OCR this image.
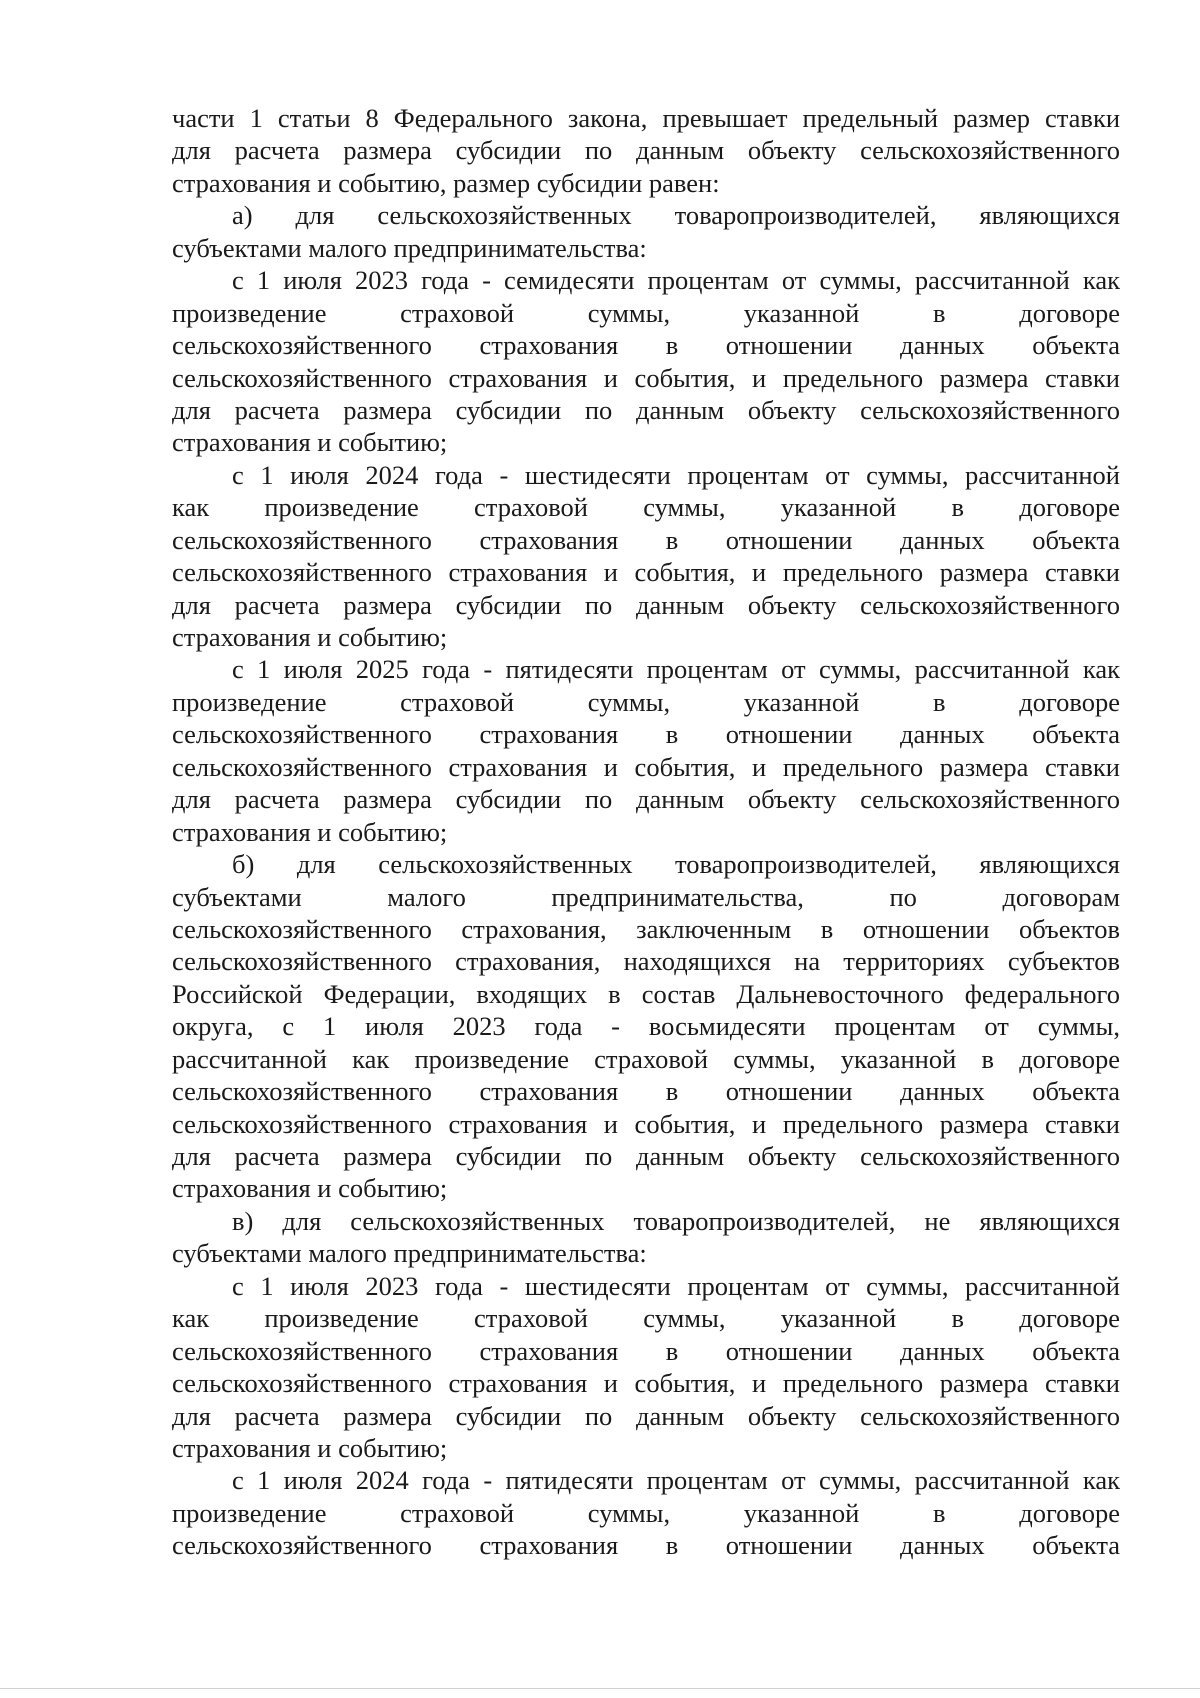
части 1 статьи 8 Федерального закона, превышает предельный размер ставки
для расчета размера субсидии по данным объекту сельскохозяйственного
страхования и событию, размер субсидии равен:
а) для сельскохозяйственных товаропроизводителей, являющихся
субъектами малого предпринимательства:
с 1 июля 2023 года - семидесяти процентам от суммы, рассчитанной как
произведение страховой суммы, указанной в договоре
сельскохозяйственного страхования в отношении данных объекта
сельскохозяйственного страхования и события, и предельного размера ставки
для расчета размера субсидии по данным объекту сельскохозяйственного
страхования и событию;
с 1 июля 2024 года - шестидесяти процентам от суммы, рассчитанной
как произведение страховой суммы, указанной в договоре
сельскохозяйственного страхования в отношении данных объекта
сельскохозяйственного страхования и события, и предельного размера ставки
для расчета размера субсидии по данным объекту сельскохозяйственного
страхования и событию;
с 1 июля 2025 года - пятидесяти процентам от суммы, рассчитанной как
произведение страховой суммы, указанной в договоре
сельскохозяйственного страхования в отношении данных объекта
сельскохозяйственного страхования и события, и предельного размера ставки
для расчета размера субсидии по данным объекту сельскохозяйственного
страхования и событию;
б) для сельскохозяйственных товаропроизводителей, являющихся
субъектами малого предпринимательства, по договорам
сельскохозяйственного страхования, заключенным в отношении объектов
сельскохозяйственного страхования, находящихся на территориях субъектов
Российской Федерации, входящих в состав Дальневосточного федерального
округа, с 1 июля 2023 года - восьмидесяти процентам от суммы,
рассчитанной как произведение страховой суммы, указанной в договоре
сельскохозяйственного страхования в отношении данных объекта
сельскохозяйственного страхования и события, и предельного размера ставки
для расчета размера субсидии по данным объекту сельскохозяйственного
страхования и событию;
в) для сельскохозяйственных товаропроизводителей, не являющихся
субъектами малого предпринимательства:
с 1 июля 2023 года - шестидесяти процентам от суммы, рассчитанной
как произведение страховой суммы, указанной в договоре
сельскохозяйственного страхования в отношении данных объекта
сельскохозяйственного страхования и события, и предельного размера ставки
для расчета размера субсидии по данным объекту сельскохозяйственного
страхования и событию;
с 1 июля 2024 года - пятидесяти процентам от суммы, рассчитанной как
произведение страховой суммы, указанной в договоре
сельскохозяйственного страхования в отношении данных объекта
